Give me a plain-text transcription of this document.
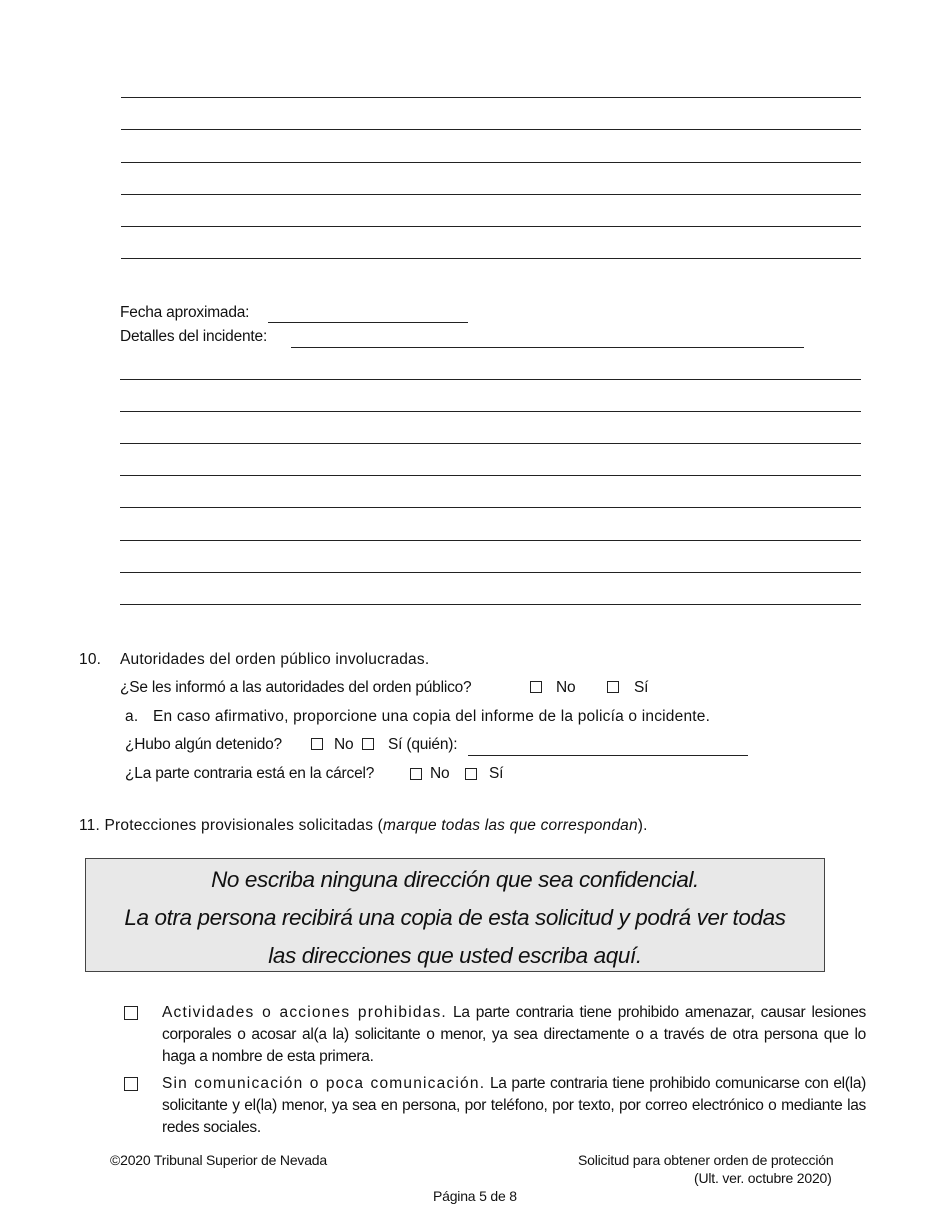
Fecha aproximada:
Detalles del incidente:
10. Autoridades del orden público involucradas.
¿Se les informó a las autoridades del orden público?	No	Sí
a. En caso afirmativo, proporcione una copia del informe de la policía o incidente.
¿Hubo algún detenido?	No Sí (quién):
¿La parte contraria está en la cárcel?	No	Sí
11. Protecciones provisionales solicitadas (marque todas las que correspondan).
No escriba ninguna dirección que sea confidencial.
La otra persona recibirá una copia de esta solicitud y podrá ver todas
las direcciones que usted escriba aquí.
Actividades o acciones prohibidas. La parte contraria tiene prohibido amenazar, causar lesiones corporales o acosar al(a la) solicitante o menor, ya sea directamente o a través de otra persona que lo haga a nombre de esta primera.
Sin comunicación o poca comunicación. La parte contraria tiene prohibido comunicarse con el(la) solicitante y el(la) menor, ya sea en persona, por teléfono, por texto, por correo electrónico o mediante las redes sociales.
©2020 Tribunal Superior de Nevada	Solicitud para obtener orden de protección
(Ult. ver. octubre 2020)
Página 5 de 8
